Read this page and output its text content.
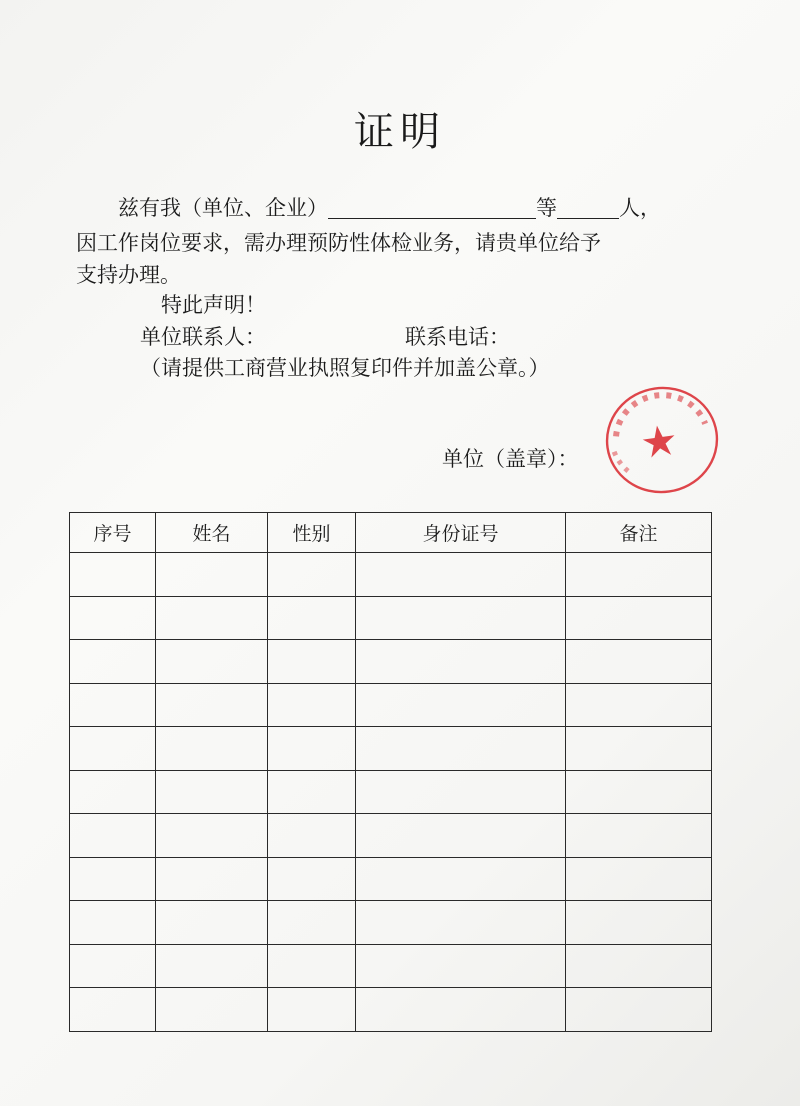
证明
兹有我（单位、企业）	等	人，
因工作岗位要求，需办理预防性体检业务，请贵单位给予
支持办理。
特此声明！
单位联系人：	联系电话：
（请提供工商营业执照复印件并加盖公章。）
单位（盖章）：
序号	姓名	性别	身份证号	备注
